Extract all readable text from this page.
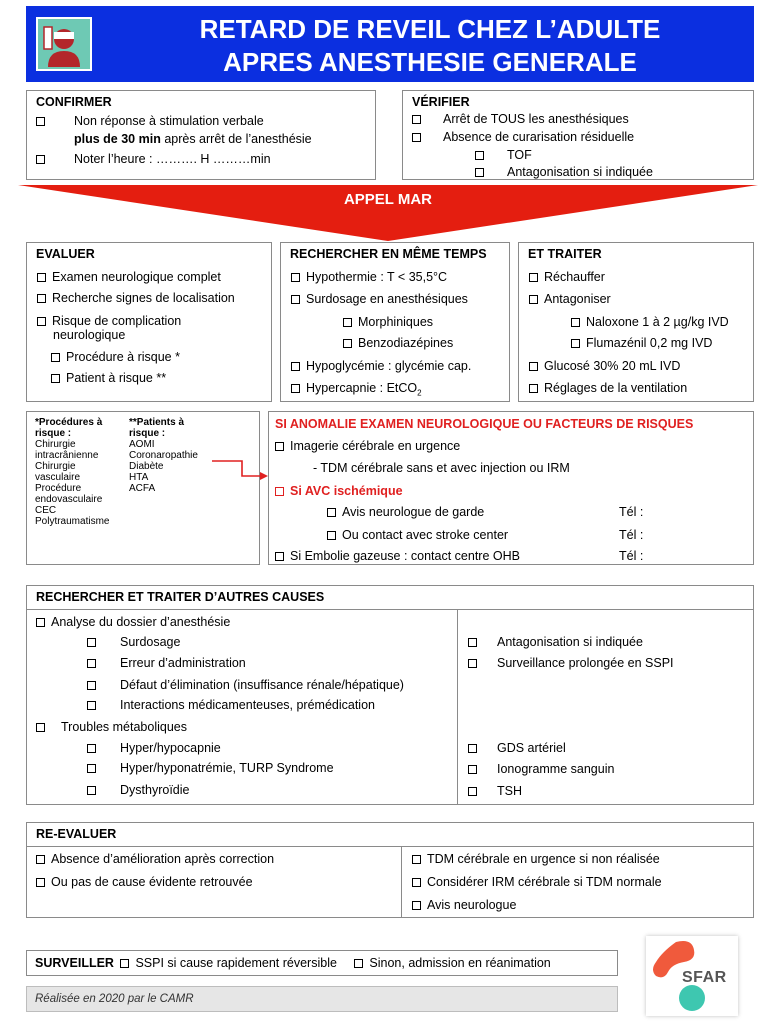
RETARD DE REVEIL CHEZ L’ADULTE
APRES ANESTHESIE GENERALE
CONFIRMER
Non réponse à stimulation verbale
plus de 30 min après arrêt de l’anesthésie
Noter l’heure : ………. H ………min
VÉRIFIER
Arrêt de TOUS les anesthésiques
Absence de curarisation résiduelle
TOF
Antagonisation si indiquée
APPEL MAR
EVALUER
Examen neurologique complet
Recherche signes de localisation
Risque de complication
neurologique
Procédure à risque *
Patient à risque **
RECHERCHER EN MÊME TEMPS
Hypothermie : T < 35,5°C
Surdosage en anesthésiques
Morphiniques
Benzodiazépines
Hypoglycémie : glycémie cap.
Hypercapnie : EtCO$_2$
ET TRAITER
Réchauffer
Antagoniser
Naloxone 1 à 2 µg/kg IVD
Flumazénil 0,2 mg IVD
Glucosé 30% 20 mL IVD
Réglages de la ventilation
*Procédures à risque :
Chirurgie
intracrânienne
Chirurgie
vasculaire
Procédure
endovasculaire
CEC
Polytraumatisme
**Patients à risque :
AOMI
Coronaropathie
Diabète
HTA
ACFA
SI ANOMALIE EXAMEN NEUROLOGIQUE OU FACTEURS DE RISQUES
Imagerie cérébrale en urgence
- TDM cérébrale sans et avec injection ou IRM
Si AVC ischémique
Avis neurologue de garde	Tél :
Ou contact avec stroke center	Tél :
Si Embolie gazeuse : contact centre OHB	Tél :
RECHERCHER ET TRAITER D’AUTRES CAUSES
Analyse du dossier d’anesthésie
Surdosage
Erreur d’administration
Défaut d’élimination (insuffisance rénale/hépatique)
Interactions médicamenteuses, prémédication
Troubles métaboliques
Hyper/hypocapnie
Hyper/hyponatrémie, TURP Syndrome
Dysthyroïdie
Antagonisation si indiquée
Surveillance prolongée en SSPI
GDS artériel
Ionogramme sanguin
TSH
RE-EVALUER
Absence d’amélioration après correction
Ou pas de cause évidente retrouvée
TDM cérébrale en urgence si non réalisée
Considérer IRM cérébrale si TDM normale
Avis neurologue
SURVEILLER SSPI si cause rapidement réversible	Sinon, admission en réanimation
Réalisée en 2020 par le CAMR
SFAR
